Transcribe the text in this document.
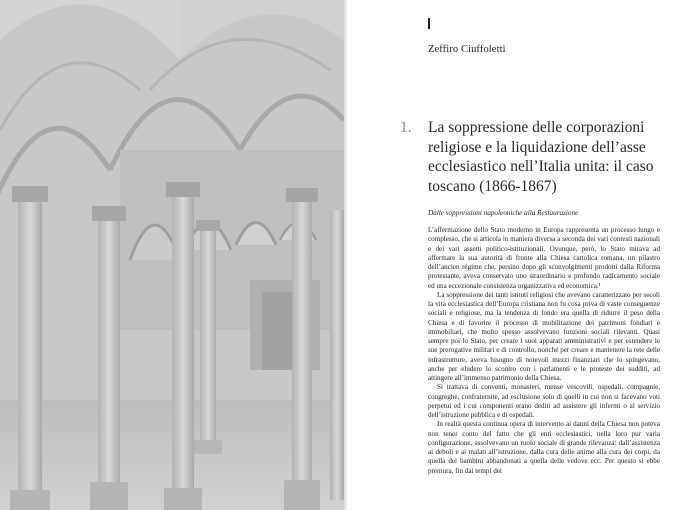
Zeffiro Ciuffoletti
1.	La soppressione delle corporazioni religiose e la liquidazione dell’asse ecclesiastico nell’Italia unita: il caso toscano (1866-1867)
Dalle soppressioni napoleoniche alla Restaurazione

L’affermazione dello Stato moderno in Europa rappresenta un processo lungo e complesso, che si articola in maniera diversa a seconda dei vari contesti nazionali e dei vari assetti politico-istituzionali. Ovunque, però, lo Stato mirava ad affermare la sua autorità di fronte alla Chiesa cattolica romana, un pilastro dell’ancien régime che, persino dopo gli sconvolgimenti prodotti dalla Riforma protestante, aveva conservato uno straordinario e profondo radicamento sociale ed una eccezionale consistenza organizzativa ed economica.¹

La soppressione dei tanti istituti religiosi che avevano caratterizzato per secoli la vita ecclesiastica dell’Europa cristiana non fu cosa priva di vaste conseguenze sociali e religiose, ma la tendenza di fondo era quella di ridurre il peso della Chiesa e di favorire il processo di mobilitazione dei patrimoni fondiari e immobiliari, che molto spesso assolvevano funzioni sociali rilevanti. Quasi sempre poi lo Stato, per creare i suoi apparati amministrativi e per estendere le sue prerogative militari e di controllo, nonché per creare e mantenere la rete delle infrastrutture, aveva bisogno di notevoli mezzi finanziari che lo spingevano, anche per eludere lo scontro con i parlamenti e le proteste dei sudditi, ad attingere all’immenso patrimonio della Chiesa.

Si trattava di conventi, monasteri, mense vescovili, ospedali, compagnie, congreghe, confraternite, ad esclusione solo di quelli in cui non si facevano voti perpetui ed i cui componenti erano dediti ad assistere gli infermi o al servizio dell’istruzione pubblica e di ospedali.

In realtà questa continua opera di intervento ai danni della Chiesa non poteva non tener conto del fatto che gli enti ecclesiastici, nella loro pur varia configurazione, assolvevano un ruolo sociale di grande rilevanza: dall’assistenza ai deboli e ai malati all’istruzione, dalla cura delle anime alla cura dei corpi, da quella dei bambini abbandonati a quella delle vedove ecc. Per questo si ebbe premura, fin dai tempi dei
